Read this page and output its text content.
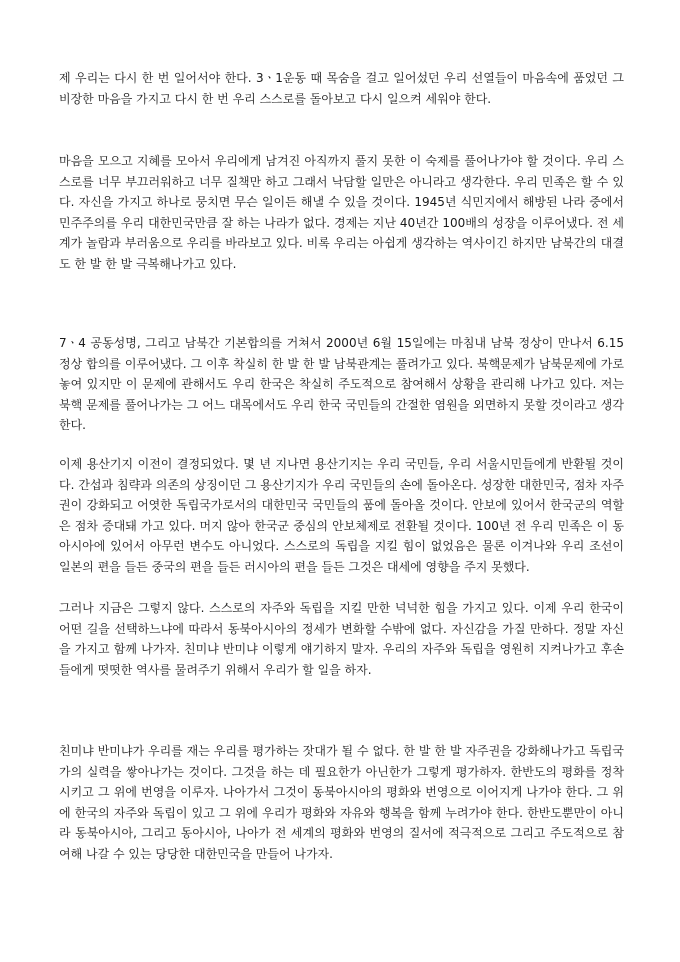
제 우리는 다시 한 번 일어서야 한다. 3ㆍ1운동 때 목숨을 걸고 일어섰던 우리 선열들이 마음속에 품었던 그 비장한 마음을 가지고 다시 한 번 우리 스스로를 돌아보고 다시 일으켜 세워야 한다.

마음을 모으고 지혜를 모아서 우리에게 남겨진 아직까지 풀지 못한 이 숙제를 풀어나가야 할 것이다. 우리 스스로를 너무 부끄러워하고 너무 질책만 하고 그래서 낙담할 일만은 아니라고 생각한다. 우리 민족은 할 수 있다. 자신을 가지고 하나로 뭉치면 무슨 일이든 해낼 수 있을 것이다. 1945년 식민지에서 해방된 나라 중에서 민주주의를 우리 대한민국만큼 잘 하는 나라가 없다. 경제는 지난 40년간 100배의 성장을 이루어냈다. 전 세계가 놀람과 부러움으로 우리를 바라보고 있다. 비록 우리는 아쉽게 생각하는 역사이긴 하지만 남북간의 대결도 한 발 한 발 극복해나가고 있다.

7ㆍ4 공동성명, 그리고 남북간 기본합의를 거쳐서 2000년 6월 15일에는 마침내 남북 정상이 만나서 6.15 정상 합의를 이루어냈다. 그 이후 착실히 한 발 한 발 남북관계는 풀려가고 있다. 북핵문제가 남북문제에 가로놓여 있지만 이 문제에 관해서도 우리 한국은 착실히 주도적으로 참여해서 상황을 관리해 나가고 있다. 저는 북핵 문제를 풀어나가는 그 어느 대목에서도 우리 한국 국민들의 간절한 염원을 외면하지 못할 것이라고 생각한다.

이제 용산기지 이전이 결정되었다. 몇 년 지나면 용산기지는 우리 국민들, 우리 서울시민들에게 반환될 것이다. 간섭과 침략과 의존의 상징이던 그 용산기지가 우리 국민들의 손에 돌아온다. 성장한 대한민국, 점차 자주권이 강화되고 어엿한 독립국가로서의 대한민국 국민들의 품에 돌아올 것이다. 안보에 있어서 한국군의 역할은 점차 증대돼 가고 있다. 머지 않아 한국군 중심의 안보체제로 전환될 것이다. 100년 전 우리 민족은 이 동아시아에 있어서 아무런 변수도 아니었다. 스스로의 독립을 지킬 힘이 없었음은 물론 이겨나와 우리 조선이 일본의 편을 들든 중국의 편을 들든 러시아의 편을 들든 그것은 대세에 영향을 주지 못했다.

그러나 지금은 그렇지 않다. 스스로의 자주와 독립을 지킬 만한 넉넉한 힘을 가지고 있다. 이제 우리 한국이 어떤 길을 선택하느냐에 따라서 동북아시아의 정세가 변화할 수밖에 없다. 자신감을 가질 만하다. 정말 자신을 가지고 함께 나가자. 친미냐 반미냐 이렇게 얘기하지 말자. 우리의 자주와 독립을 영원히 지켜나가고 후손들에게 떳떳한 역사를 물려주기 위해서 우리가 할 일을 하자.

친미냐 반미냐가 우리를 재는 우리를 평가하는 잣대가 될 수 없다. 한 발 한 발 자주권을 강화해나가고 독립국가의 실력을 쌓아나가는 것이다. 그것을 하는 데 필요한가 아닌한가 그렇게 평가하자. 한반도의 평화를 정착시키고 그 위에 번영을 이루자. 나아가서 그것이 동북아시아의 평화와 번영으로 이어지게 나가야 한다. 그 위에 한국의 자주와 독립이 있고 그 위에 우리가 평화와 자유와 행복을 함께 누려가야 한다. 한반도뿐만이 아니라 동북아시아, 그리고 동아시아, 나아가 전 세계의 평화와 번영의 질서에 적극적으로 그리고 주도적으로 참여해 나갈 수 있는 당당한 대한민국을 만들어 나가자.
